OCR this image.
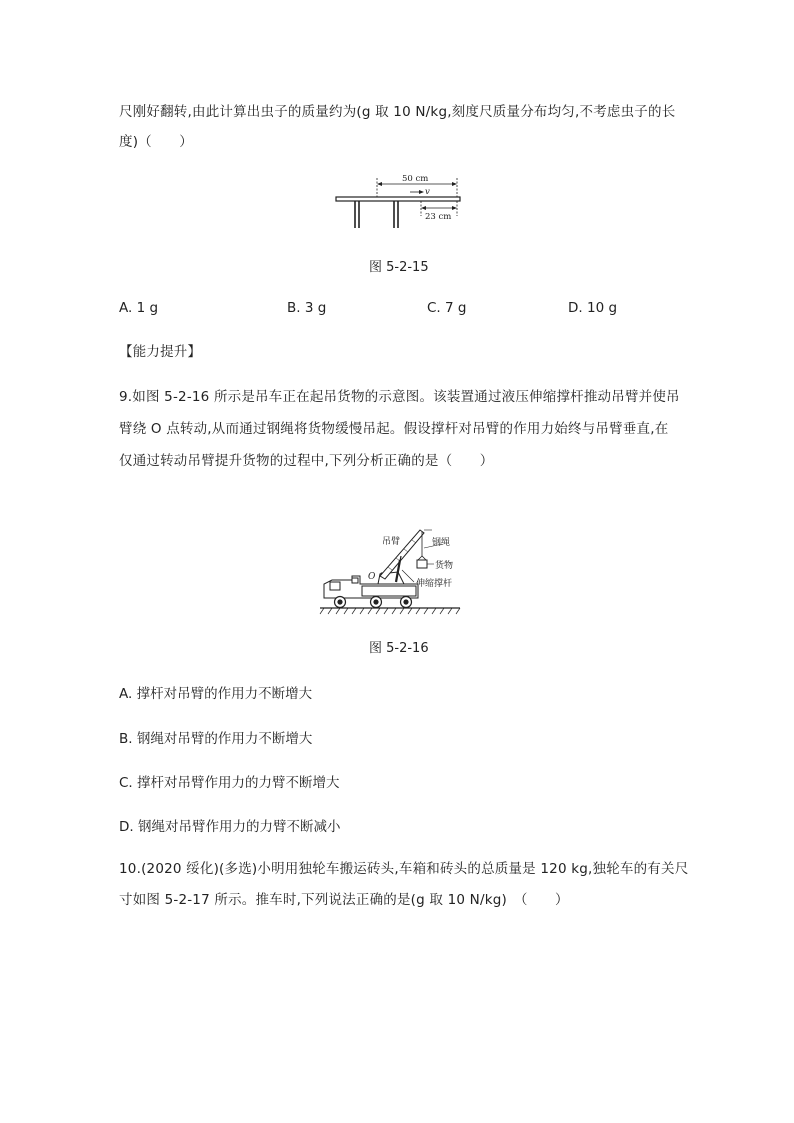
尺刚好翻转,由此计算出虫子的质量约为(g 取 10 N/kg,刻度尺质量分布均匀,不考虑虫子的长
度)（　　）
50 cm
v
23 cm
图 5-2-15
A. 1 g	B. 3 g	C. 7 g	D. 10 g
【能力提升】
9.如图 5-2-16 所示是吊车正在起吊货物的示意图。该装置通过液压伸缩撑杆推动吊臂并使吊
臂绕 O 点转动,从而通过钢绳将货物缓慢吊起。假设撑杆对吊臂的作用力始终与吊臂垂直,在
仅通过转动吊臂提升货物的过程中,下列分析正确的是（　　）
O
吊臂	钢绳
货物
伸缩撑杆
图 5-2-16
A. 撑杆对吊臂的作用力不断增大
B. 钢绳对吊臂的作用力不断增大
C. 撑杆对吊臂作用力的力臂不断增大
D. 钢绳对吊臂作用力的力臂不断减小
10.(2020 绥化)(多选)小明用独轮车搬运砖头,车箱和砖头的总质量是 120 kg,独轮车的有关尺
寸如图 5-2-17 所示。推车时,下列说法正确的是(g 取 10 N/kg)　（　　）
